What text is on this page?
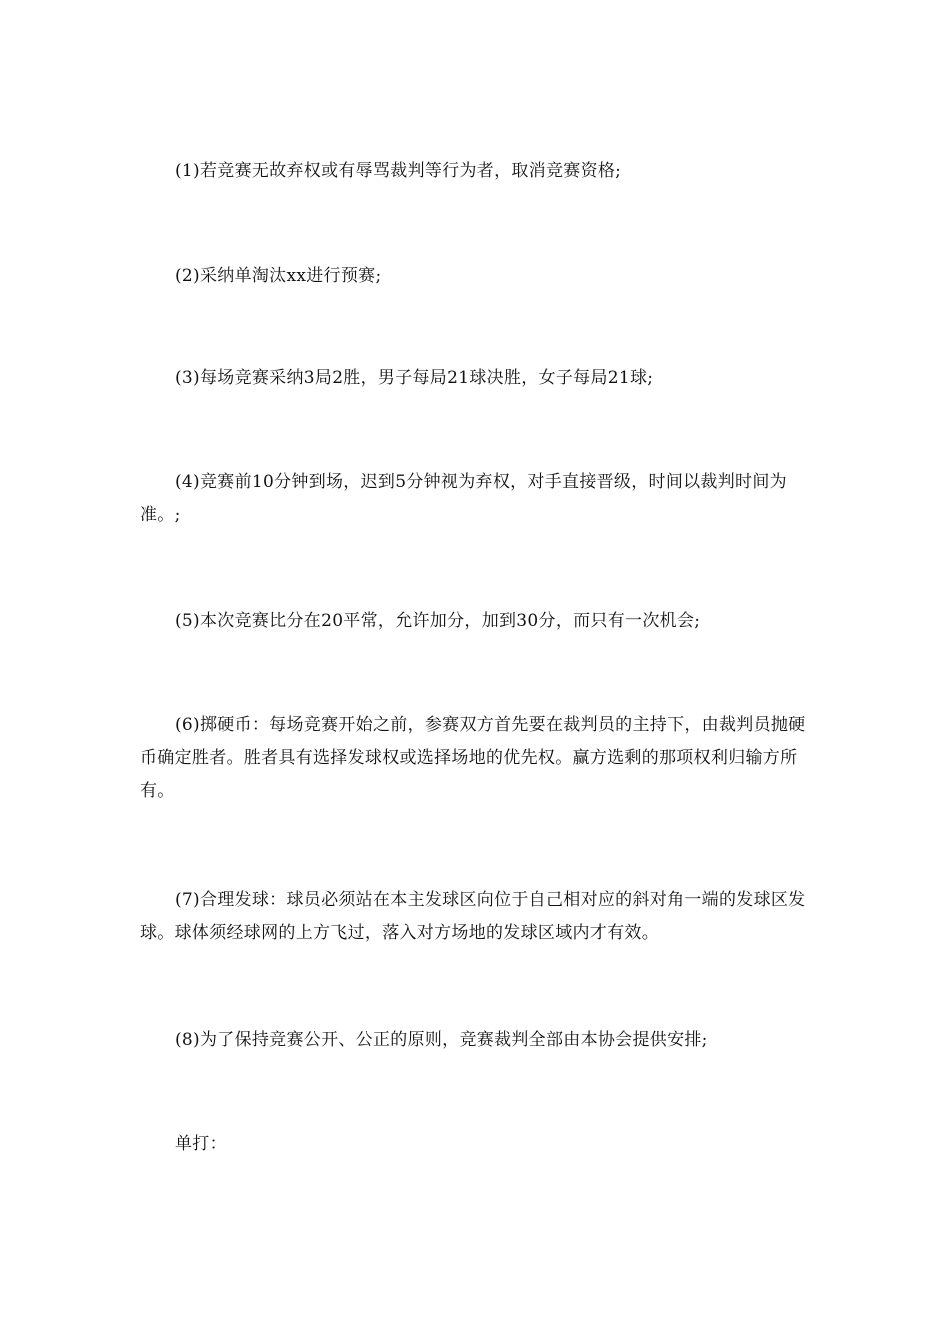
(1)若竞赛无故弃权或有辱骂裁判等行为者，取消竞赛资格;

(2)采纳单淘汰xx进行预赛;

(3)每场竞赛采纳3局2胜，男子每局21球决胜，女子每局21球;

(4)竞赛前10分钟到场，迟到5分钟视为弃权，对手直接晋级，时间以裁判时间为准。;

(5)本次竞赛比分在20平常，允许加分，加到30分，而只有一次机会;

(6)掷硬币：每场竞赛开始之前，参赛双方首先要在裁判员的主持下，由裁判员抛硬币确定胜者。胜者具有选择发球权或选择场地的优先权。赢方选剩的那项权利归输方所有。

(7)合理发球：球员必须站在本主发球区向位于自己相对应的斜对角一端的发球区发球。球体须经球网的上方飞过，落入对方场地的发球区域内才有效。

(8)为了保持竞赛公开、公正的原则，竞赛裁判全部由本协会提供安排;

单打：
